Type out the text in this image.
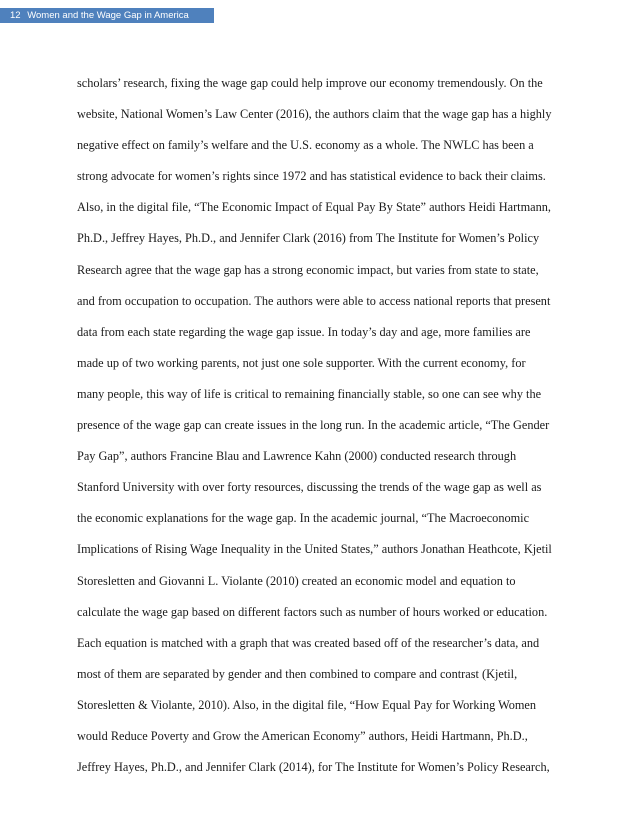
12 Women and the Wage Gap in America

scholars’ research, fixing the wage gap could help improve our economy tremendously. On the
website, National Women’s Law Center (2016), the authors claim that the wage gap has a highly
negative effect on family’s welfare and the U.S. economy as a whole. The NWLC has been a
strong advocate for women’s rights since 1972 and has statistical evidence to back their claims.
Also, in the digital file, “The Economic Impact of Equal Pay By State” authors Heidi Hartmann,
Ph.D., Jeffrey Hayes, Ph.D., and Jennifer Clark (2016) from The Institute for Women’s Policy
Research agree that the wage gap has a strong economic impact, but varies from state to state,
and from occupation to occupation. The authors were able to access national reports that present
data from each state regarding the wage gap issue. In today’s day and age, more families are
made up of two working parents, not just one sole supporter. With the current economy, for
many people, this way of life is critical to remaining financially stable, so one can see why the
presence of the wage gap can create issues in the long run. In the academic article, “The Gender
Pay Gap”, authors Francine Blau and Lawrence Kahn (2000) conducted research through
Stanford University with over forty resources, discussing the trends of the wage gap as well as
the economic explanations for the wage gap. In the academic journal, “The Macroeconomic
Implications of Rising Wage Inequality in the United States,” authors Jonathan Heathcote, Kjetil
Storesletten and Giovanni L. Violante (2010) created an economic model and equation to
calculate the wage gap based on different factors such as number of hours worked or education.
Each equation is matched with a graph that was created based off of the researcher’s data, and
most of them are separated by gender and then combined to compare and contrast (Kjetil,
Storesletten & Violante, 2010). Also, in the digital file, “How Equal Pay for Working Women
would Reduce Poverty and Grow the American Economy” authors, Heidi Hartmann, Ph.D.,
Jeffrey Hayes, Ph.D., and Jennifer Clark (2014), for The Institute for Women’s Policy Research,
